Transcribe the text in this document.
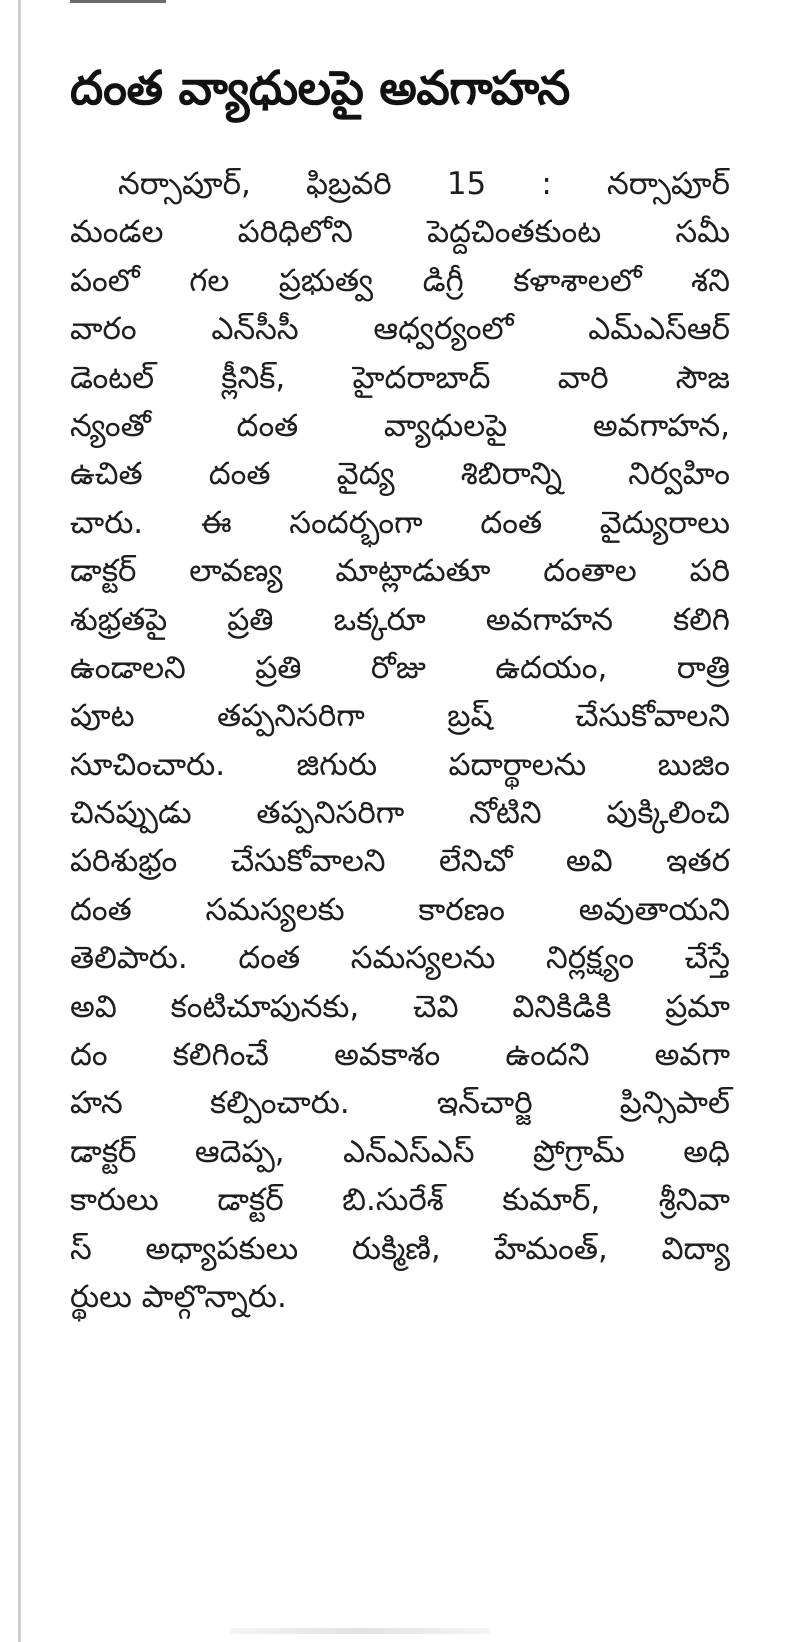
దంత వ్యాధులపై అవగాహన
నర్సాపూర్, ఫిబ్రవరి 15 : నర్సాపూర్
మండల పరిధిలోని పెద్దచింతకుంట సమీ
పంలో గల ప్రభుత్వ డిగ్రీ కళాశాలలో శని
వారం ఎన్‌సీసీ ఆధ్వర్యంలో ఎమ్ఎస్ఆర్
డెంటల్ క్లీనిక్, హైదరాబాద్ వారి సౌజ
న్యంతో దంత వ్యాధులపై అవగాహన,
ఉచిత దంత వైద్య శిబిరాన్ని నిర్వహిం
చారు. ఈ సందర్భంగా దంత వైద్యురాలు
డాక్టర్ లావణ్య మాట్లాడుతూ దంతాల పరి
శుభ్రతపై ప్రతి ఒక్కరూ అవగాహన కలిగి
ఉండాలని ప్రతి రోజు ఉదయం, రాత్రి
పూట తప్పనిసరిగా బ్రష్ చేసుకోవాలని
సూచించారు. జిగురు పదార్థాలను బుజిం
చినప్పుడు తప్పనిసరిగా నోటిని పుక్కిలించి
పరిశుభ్రం చేసుకోవాలని లేనిచో అవి ఇతర
దంత సమస్యలకు కారణం అవుతాయని
తెలిపారు. దంత సమస్యలను నిర్లక్ష్యం చేస్తే
అవి కంటిచూపునకు, చెవి వినికిడికి ప్రమా
దం కలిగించే అవకాశం ఉందని అవగా
హన కల్పించారు. ఇన్‌చార్జి ప్రిన్సిపాల్
డాక్టర్ ఆదెప్ప, ఎన్ఎస్ఎస్ ప్రోగ్రామ్ అధి
కారులు డాక్టర్ బి.సురేశ్ కుమార్, శ్రీనివా
స్ అధ్యాపకులు రుక్మిణి, హేమంత్, విద్యా
ర్థులు పాల్గొన్నారు.
